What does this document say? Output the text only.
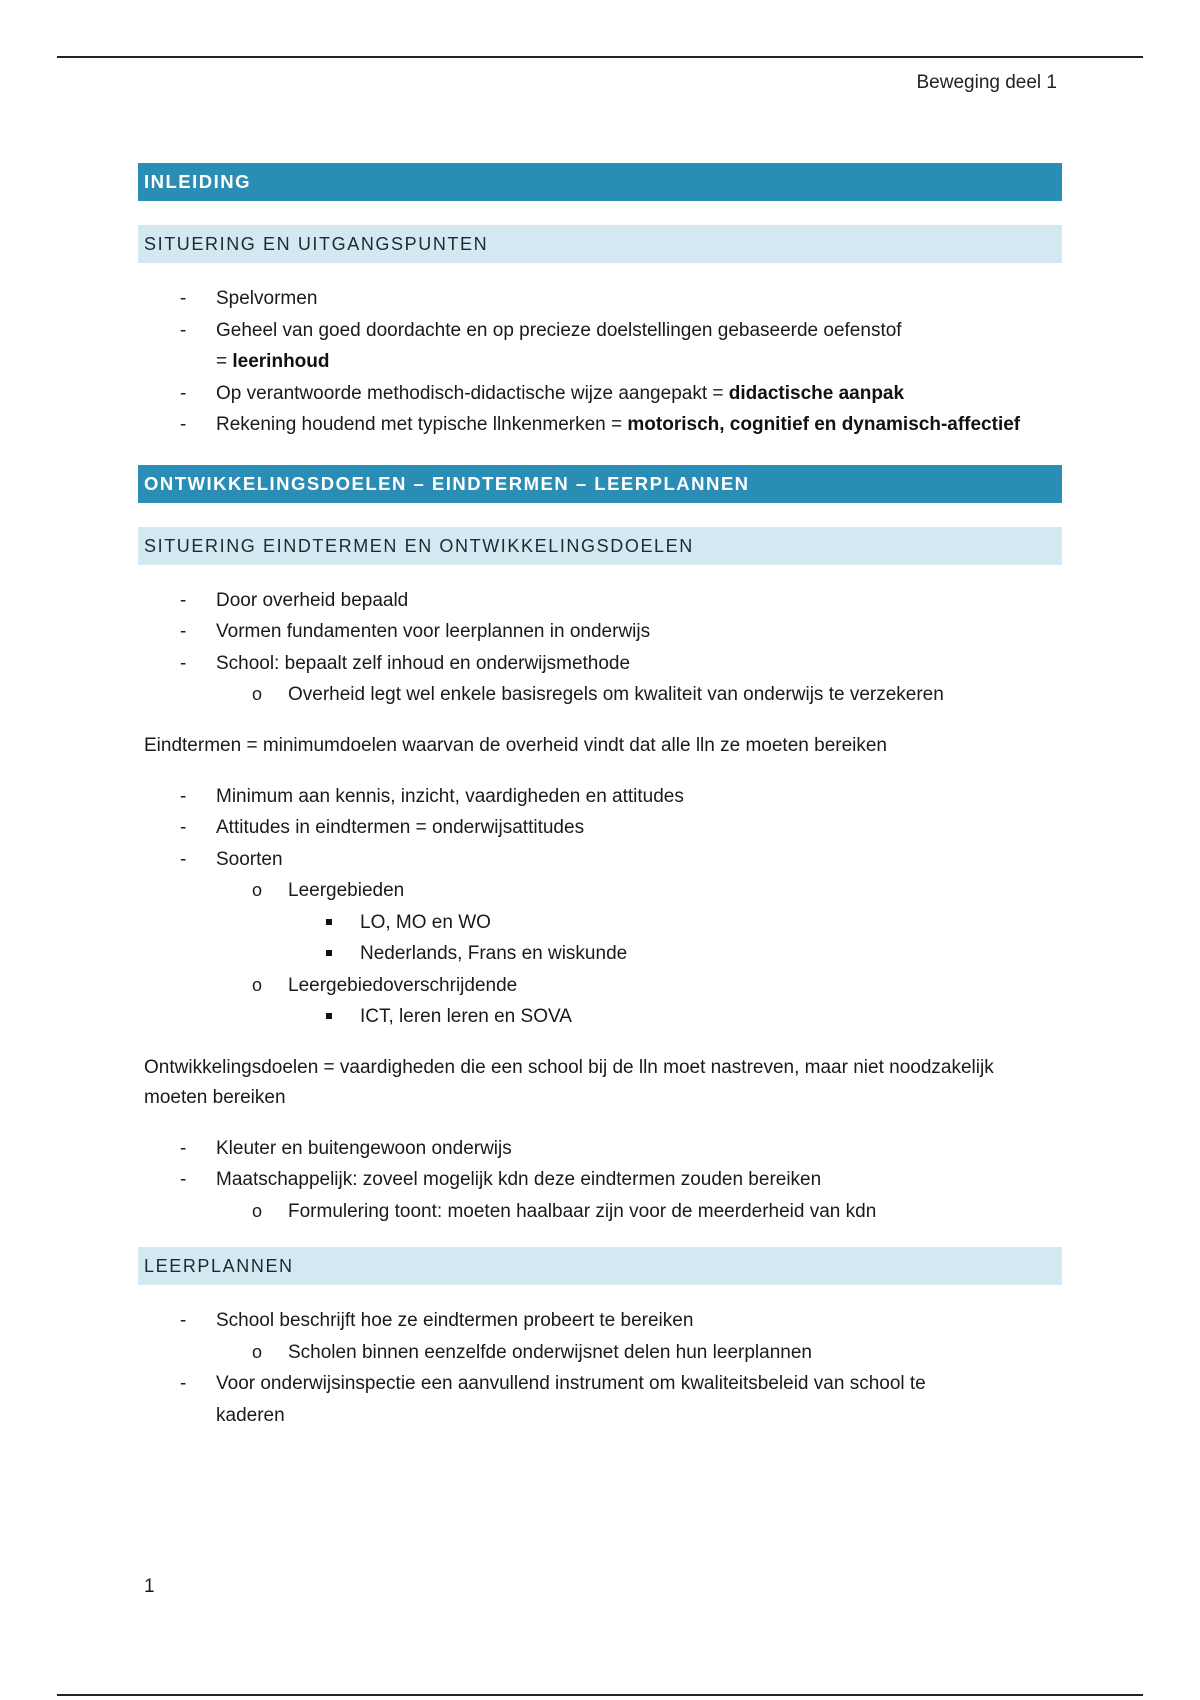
Beweging deel 1
INLEIDING
SITUERING EN UITGANGSPUNTEN
- Spelvormen
- Geheel van goed doordachte en op precieze doelstellingen gebaseerde oefenstof
= leerinhoud
- Op verantwoorde methodisch-didactische wijze aangepakt = didactische aanpak
- Rekening houdend met typische llnkenmerken = motorisch, cognitief en dynamisch-affectief
ONTWIKKELINGSDOELEN – EINDTERMEN – LEERPLANNEN
SITUERING EINDTERMEN EN ONTWIKKELINGSDOELEN
- Door overheid bepaald
- Vormen fundamenten voor leerplannen in onderwijs
- School: bepaalt zelf inhoud en onderwijsmethode
o Overheid legt wel enkele basisregels om kwaliteit van onderwijs te verzekeren

Eindtermen = minimumdoelen waarvan de overheid vindt dat alle lln ze moeten bereiken

- Minimum aan kennis, inzicht, vaardigheden en attitudes
- Attitudes in eindtermen = onderwijsattitudes
- Soorten
o Leergebieden
LO, MO en WO
Nederlands, Frans en wiskunde
o Leergebiedoverschrijdende
ICT, leren leren en SOVA

Ontwikkelingsdoelen = vaardigheden die een school bij de lln moet nastreven, maar niet noodzakelijk moeten bereiken

- Kleuter en buitengewoon onderwijs
- Maatschappelijk: zoveel mogelijk kdn deze eindtermen zouden bereiken
o Formulering toont: moeten haalbaar zijn voor de meerderheid van kdn
LEERPLANNEN
- School beschrijft hoe ze eindtermen probeert te bereiken
o Scholen binnen eenzelfde onderwijsnet delen hun leerplannen
- Voor onderwijsinspectie een aanvullend instrument om kwaliteitsbeleid van school te
kaderen
1
